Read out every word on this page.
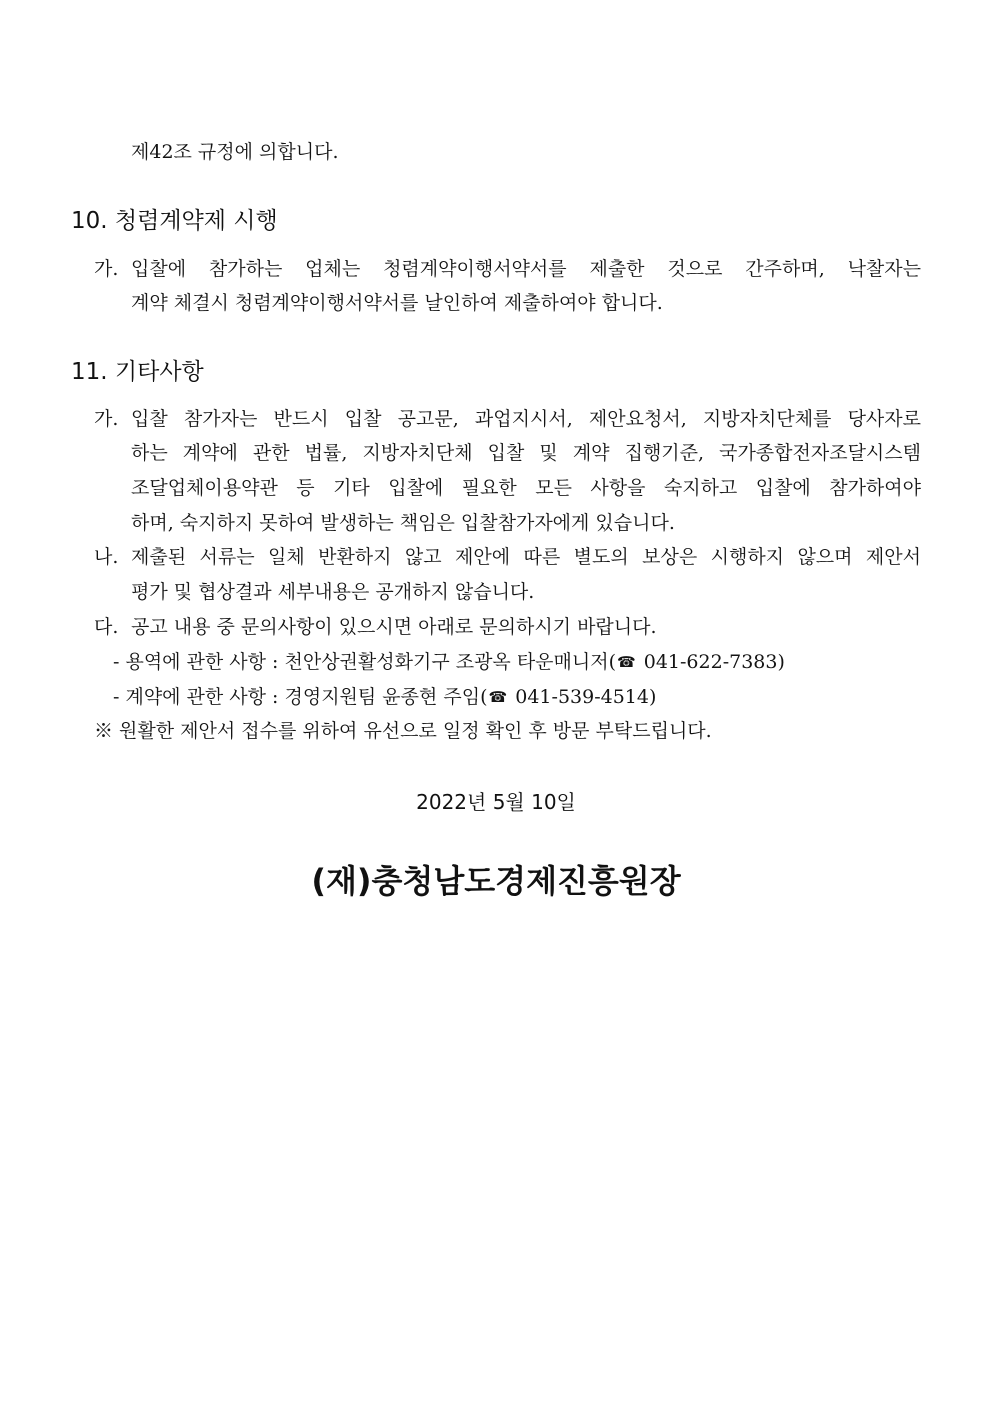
제42조 규정에 의합니다.
10. 청렴계약제 시행
가. 입찰에 참가하는 업체는 청렴계약이행서약서를 제출한 것으로 간주하며, 낙찰자는
계약 체결시 청렴계약이행서약서를 날인하여 제출하여야 합니다.
11. 기타사항
가. 입찰 참가자는 반드시 입찰 공고문, 과업지시서, 제안요청서, 지방자치단체를 당사자로
하는 계약에 관한 법률, 지방자치단체 입찰 및 계약 집행기준, 국가종합전자조달시스템
조달업체이용약관 등 기타 입찰에 필요한 모든 사항을 숙지하고 입찰에 참가하여야
하며, 숙지하지 못하여 발생하는 책임은 입찰참가자에게 있습니다.
나. 제출된 서류는 일체 반환하지 않고 제안에 따른 별도의 보상은 시행하지 않으며 제안서
평가 및 협상결과 세부내용은 공개하지 않습니다.
다. 공고 내용 중 문의사항이 있으시면 아래로 문의하시기 바랍니다.
- 용역에 관한 사항 : 천안상권활성화기구 조광옥 타운매니저(☎ 041-622-7383)
- 계약에 관한 사항 : 경영지원팀 윤종현 주임(☎ 041-539-4514)
※ 원활한 제안서 접수를 위하여 유선으로 일정 확인 후 방문 부탁드립니다.
2022년 5월 10일
(재)충청남도경제진흥원장
